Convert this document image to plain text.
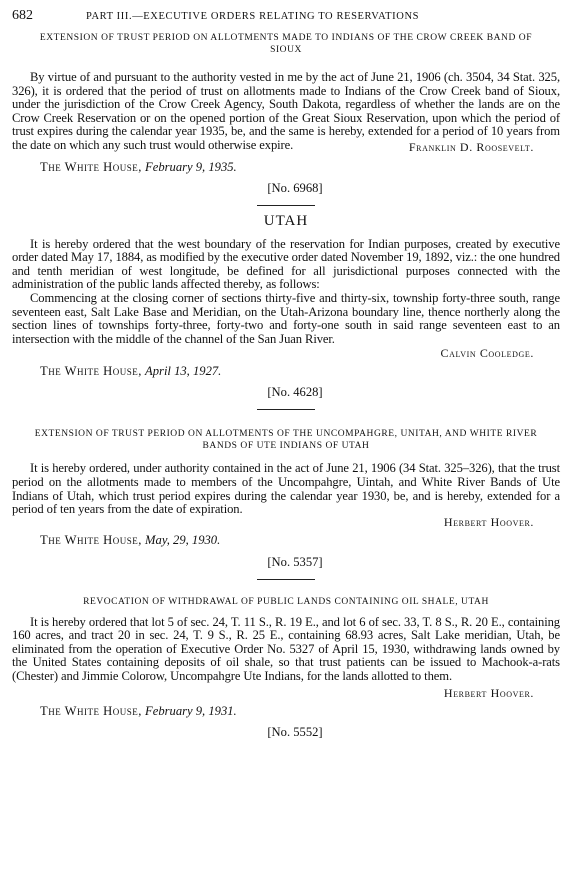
682	PART III.—EXECUTIVE ORDERS RELATING TO RESERVATIONS

EXTENSION OF TRUST PERIOD ON ALLOTMENTS MADE TO INDIANS OF THE CROW CREEK BAND OF SIOUX

By virtue of and pursuant to the authority vested in me by the act of June 21, 1906 (ch. 3504, 34 Stat. 325, 326), it is ordered that the period of trust on allotments made to Indians of the Crow Creek band of Sioux, under the jurisdiction of the Crow Creek Agency, South Dakota, regardless of whether the lands are on the Crow Creek Reservation or on the opened portion of the Great Sioux Reservation, upon which the period of trust expires during the calendar year 1935, be, and the same is hereby, extended for a period of 10 years from the date on which any such trust would otherwise expire.	Franklin D. Roosevelt.

The White House, February 9, 1935.

[No. 6968]

UTAH

It is hereby ordered that the west boundary of the reservation for Indian purposes, created by executive order dated May 17, 1884, as modified by the executive order dated November 19, 1892, viz.: the one hundred and tenth meridian of west longitude, be defined for all jurisdictional purposes connected with the administration of the public lands affected thereby, as follows:

Commencing at the closing corner of sections thirty-five and thirty-six, township forty-three south, range seventeen east, Salt Lake Base and Meridian, on the Utah-Arizona boundary line, thence northerly along the section lines of townships forty-three, forty-two and forty-one south in said range seventeen east to an intersection with the middle of the channel of the San Juan River.

Calvin Cooledge.

The White House, April 13, 1927.

[No. 4628]

EXTENSION OF TRUST PERIOD ON ALLOTMENTS OF THE UNCOMPAHGRE, UNITAH, AND WHITE RIVER BANDS OF UTE INDIANS OF UTAH

It is hereby ordered, under authority contained in the act of June 21, 1906 (34 Stat. 325–326), that the trust period on the allotments made to members of the Uncompahgre, Uintah, and White River Bands of Ute Indians of Utah, which trust period expires during the calendar year 1930, be, and is hereby, extended for a period of ten years from the date of expiration.

Herbert Hoover.

The White House, May, 29, 1930.

[No. 5357]

REVOCATION OF WITHDRAWAL OF PUBLIC LANDS CONTAINING OIL SHALE, UTAH

It is hereby ordered that lot 5 of sec. 24, T. 11 S., R. 19 E., and lot 6 of sec. 33, T. 8 S., R. 20 E., containing 160 acres, and tract 20 in sec. 24, T. 9 S., R. 25 E., containing 68.93 acres, Salt Lake meridian, Utah, be eliminated from the operation of Executive Order No. 5327 of April 15, 1930, withdrawing lands owned by the United States containing deposits of oil shale, so that trust patients can be issued to Machook-a-rats (Chester) and Jimmie Colorow, Uncompahgre Ute Indians, for the lands allotted to them.

Herbert Hoover.

The White House, February 9, 1931.

[No. 5552]
